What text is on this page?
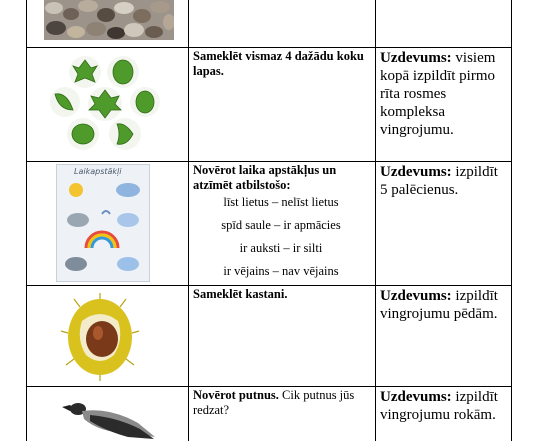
Sameklēt vismaz 4 dažādu koku lapas.
Uzdevums: visiem kopā izpildīt pirmo rīta rosmes kompleksa vingrojumu.
Laikapstākļi	Novērot laika apstākļus un atzīmēt atbilstošo:
līst lietus – nelīst lietus
spīd saule – ir apmācies
ir auksti – ir silti
ir vējains – nav vējains
Uzdevums: izpildīt 5 palēcienus.
Sameklēt kastani.	Uzdevums: izpildīt vingrojumu pēdām.
Novērot putnus. Cik putnus jūs redzat?
Uzdevums: izpildīt vingrojumu rokām.
